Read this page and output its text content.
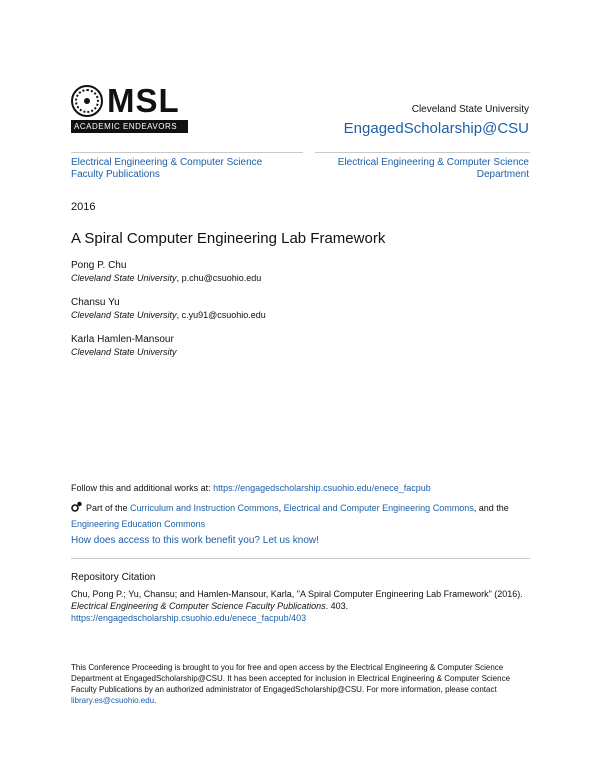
MSL
ACADEMIC ENDEAVORS
Cleveland State University
EngagedScholarship@CSU
Electrical Engineering & Computer Science Faculty Publications
Electrical Engineering & Computer Science Department
2016
A Spiral Computer Engineering Lab Framework
Pong P. Chu
Cleveland State University, p.chu@csuohio.edu
Chansu Yu
Cleveland State University, c.yu91@csuohio.edu
Karla Hamlen-Mansour
Cleveland State University
Follow this and additional works at: https://engagedscholarship.csuohio.edu/enece_facpub
Part of the Curriculum and Instruction Commons, Electrical and Computer Engineering Commons, and the Engineering Education Commons
How does access to this work benefit you? Let us know!
Repository Citation
Chu, Pong P.; Yu, Chansu; and Hamlen-Mansour, Karla, "A Spiral Computer Engineering Lab Framework" (2016). Electrical Engineering & Computer Science Faculty Publications. 403.
https://engagedscholarship.csuohio.edu/enece_facpub/403
This Conference Proceeding is brought to you for free and open access by the Electrical Engineering & Computer Science Department at EngagedScholarship@CSU. It has been accepted for inclusion in Electrical Engineering & Computer Science Faculty Publications by an authorized administrator of EngagedScholarship@CSU. For more information, please contact library.es@csuohio.edu.
